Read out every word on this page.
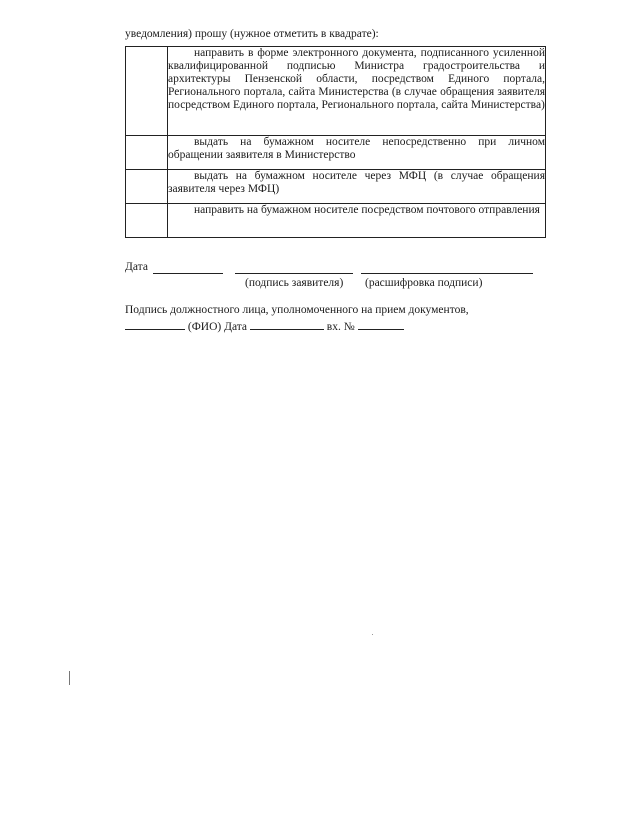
уведомления) прошу (нужное отметить в квадрате):
	направить в форме электронного документа, подписанного усиленной квалифицированной подписью Министра градостроительства и архитектуры Пензенской области, посредством Единого портала, Регионального портала, сайта Министерства (в случае обращения заявителя посредством Единого портала, Регионального портала, сайта Министерства)
	выдать на бумажном носителе непосредственно при личном обращении заявителя в Министерство
	выдать на бумажном носителе через МФЦ (в случае обращения заявителя через МФЦ)
	направить на бумажном носителе посредством почтового отправления
Дата
(подпись заявителя) (расшифровка подписи)
Подпись должностного лица, уполномоченного на прием документов,
(ФИО) Дата	вх. №
